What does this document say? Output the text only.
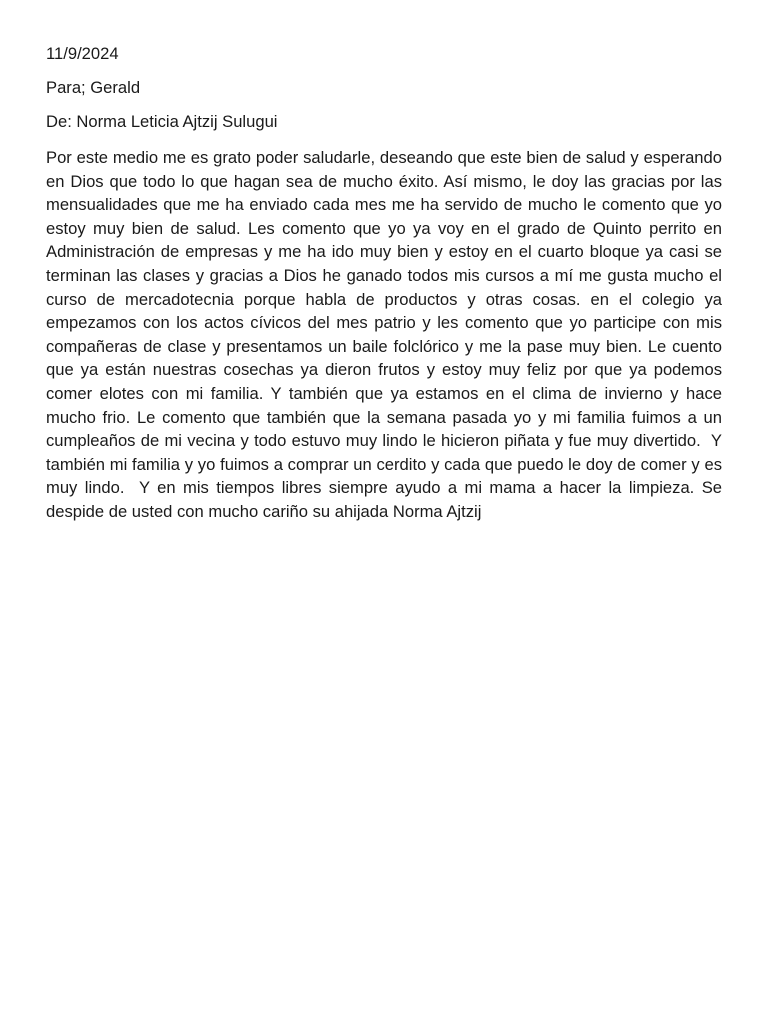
11/9/2024

Para; Gerald

De: Norma Leticia Ajtzij Sulugui

Por este medio me es grato poder saludarle, deseando que este bien de salud y esperando en Dios que todo lo que hagan sea de mucho éxito. Así mismo, le doy las gracias por las mensualidades que me ha enviado cada mes me ha servido de mucho le comento que yo estoy muy bien de salud. Les comento que yo ya voy en el grado de Quinto perrito en Administración de empresas y me ha ido muy bien y estoy en el cuarto bloque ya casi se terminan las clases y gracias a Dios he ganado todos mis cursos a mí me gusta mucho el curso de mercadotecnia porque habla de productos y otras cosas. en el colegio ya empezamos con los actos cívicos del mes patrio y les comento que yo participe con mis compañeras de clase y presentamos un baile folclórico y me la pase muy bien. Le cuento que ya están nuestras cosechas ya dieron frutos y estoy muy feliz por que ya podemos comer elotes con mi familia. Y también que ya estamos en el clima de invierno y hace mucho frio. Le comento que también que la semana pasada yo y mi familia fuimos a un cumpleaños de mi vecina y todo estuvo muy lindo le hicieron piñata y fue muy divertido.  Y también mi familia y yo fuimos a comprar un cerdito y cada que puedo le doy de comer y es muy lindo.  Y en mis tiempos libres siempre ayudo a mi mama a hacer la limpieza. Se despide de usted con mucho cariño su ahijada Norma Ajtzij
